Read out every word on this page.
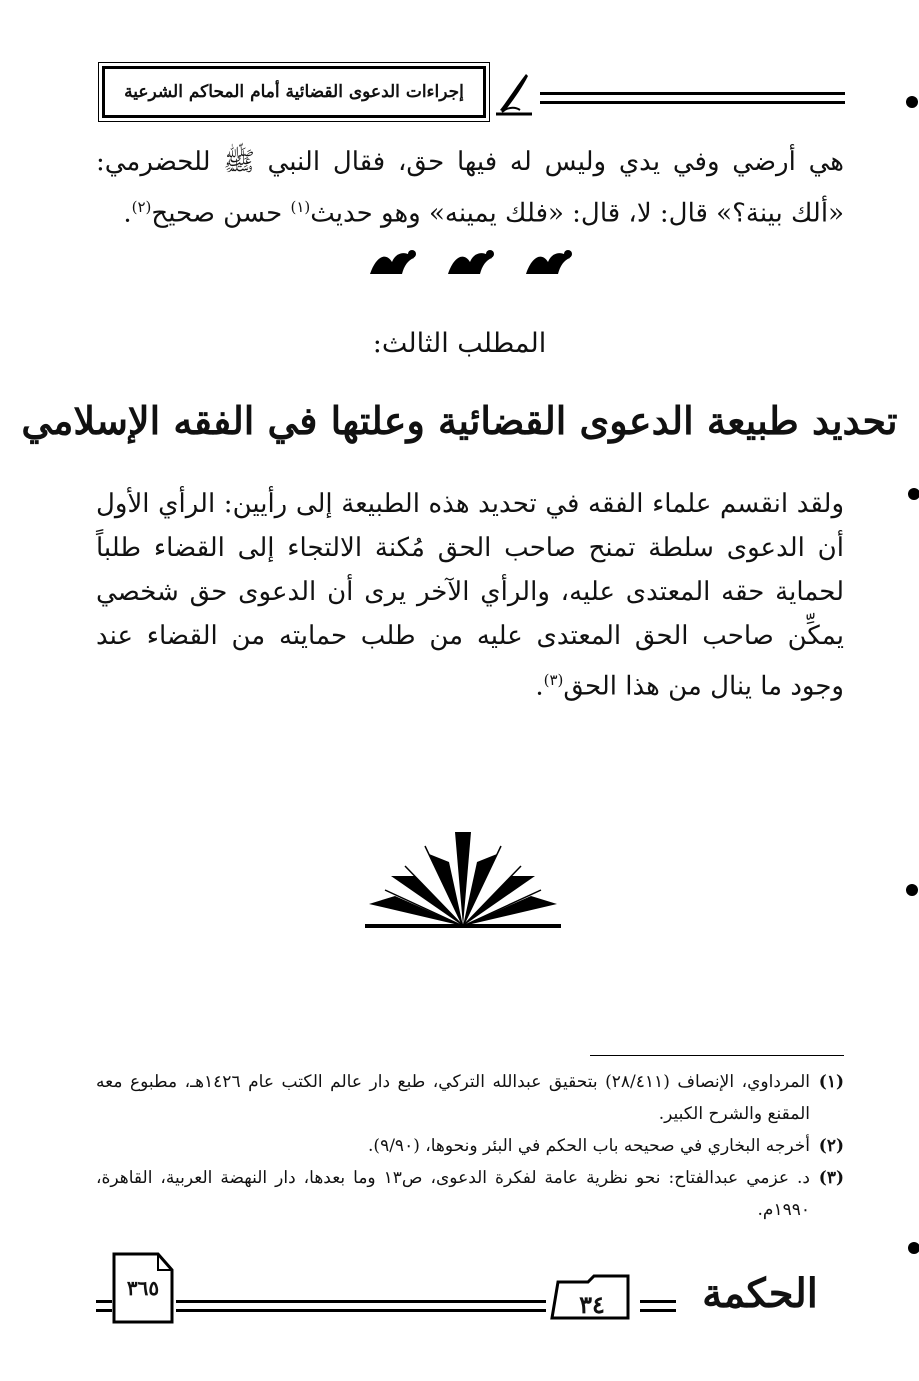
إجراءات الدعوى القضائية أمام المحاكم الشرعية
هي أرضي وفي يدي وليس له فيها حق، فقال النبي ﷺ للحضرمي: «ألك بينة؟» قال: لا، قال: «فلك يمينه» وهو حديث$^{(١)}$ حسن صحيح$^{(٢)}$.
المطلب الثالث:
تحديد طبيعة الدعوى القضائية وعلتها في الفقه الإسلامي
ولقد انقسم علماء الفقه في تحديد هذه الطبيعة إلى رأيين: الرأي الأول أن الدعوى سلطة تمنح صاحب الحق مُكنة الالتجاء إلى القضاء طلباً لحماية حقه المعتدى عليه، والرأي الآخر يرى أن الدعوى حق شخصي يمكِّن صاحب الحق المعتدى عليه من طلب حمايته من القضاء عند وجود ما ينال من هذا الحق$^{(٣)}$.
(١)
المرداوي، الإنصاف (٢٨/٤١١) بتحقيق عبدالله التركي، طبع دار عالم الكتب عام ١٤٢٦هـ، مطبوع معه المقنع والشرح الكبير.
(٢)
أخرجه البخاري في صحيحه باب الحكم في البئر ونحوها، (٩/٩٠).
(٣)
د. عزمي عبدالفتاح: نحو نظرية عامة لفكرة الدعوى، ص١٣ وما بعدها، دار النهضة العربية، القاهرة، ١٩٩٠م.
٣٦٥
٣٤	الحكمة
